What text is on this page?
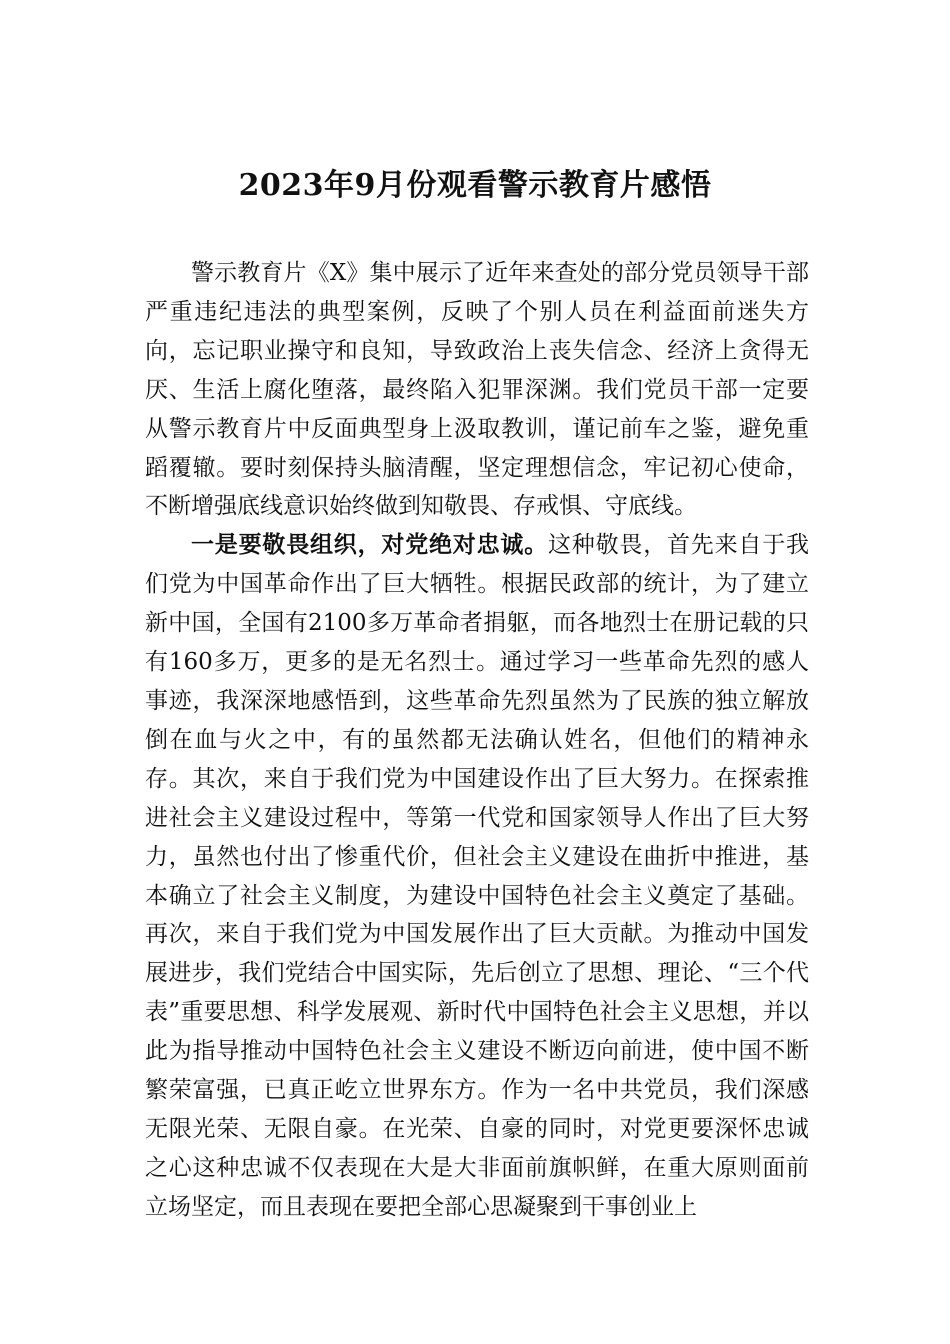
2023年9月份观看警示教育片感悟

警示教育片《X》集中展示了近年来查处的部分党员领导干部严重违纪违法的典型案例，反映了个别人员在利益面前迷失方向，忘记职业操守和良知，导致政治上丧失信念、经济上贪得无厌、生活上腐化堕落，最终陷入犯罪深渊。我们党员干部一定要从警示教育片中反面典型身上汲取教训，谨记前车之鉴，避免重蹈覆辙。要时刻保持头脑清醒，坚定理想信念，牢记初心使命，不断增强底线意识始终做到知敬畏、存戒惧、守底线。

一是要敬畏组织，对党绝对忠诚。这种敬畏，首先来自于我们党为中国革命作出了巨大牺牲。根据民政部的统计，为了建立新中国，全国有2100多万革命者捐躯，而各地烈士在册记载的只有160多万，更多的是无名烈士。通过学习一些革命先烈的感人事迹，我深深地感悟到，这些革命先烈虽然为了民族的独立解放倒在血与火之中，有的虽然都无法确认姓名，但他们的精神永存。其次，来自于我们党为中国建设作出了巨大努力。在探索推进社会主义建设过程中，等第一代党和国家领导人作出了巨大努力，虽然也付出了惨重代价，但社会主义建设在曲折中推进，基本确立了社会主义制度，为建设中国特色社会主义奠定了基础。再次，来自于我们党为中国发展作出了巨大贡献。为推动中国发展进步，我们党结合中国实际，先后创立了思想、理论、“三个代表”重要思想、科学发展观、新时代中国特色社会主义思想，并以此为指导推动中国特色社会主义建设不断迈向前进，使中国不断繁荣富强，已真正屹立世界东方。作为一名中共党员，我们深感无限光荣、无限自豪。在光荣、自豪的同时，对党更要深怀忠诚之心这种忠诚不仅表现在大是大非面前旗帜鲜，在重大原则面前立场坚定，而且表现在要把全部心思凝聚到干事创业上
